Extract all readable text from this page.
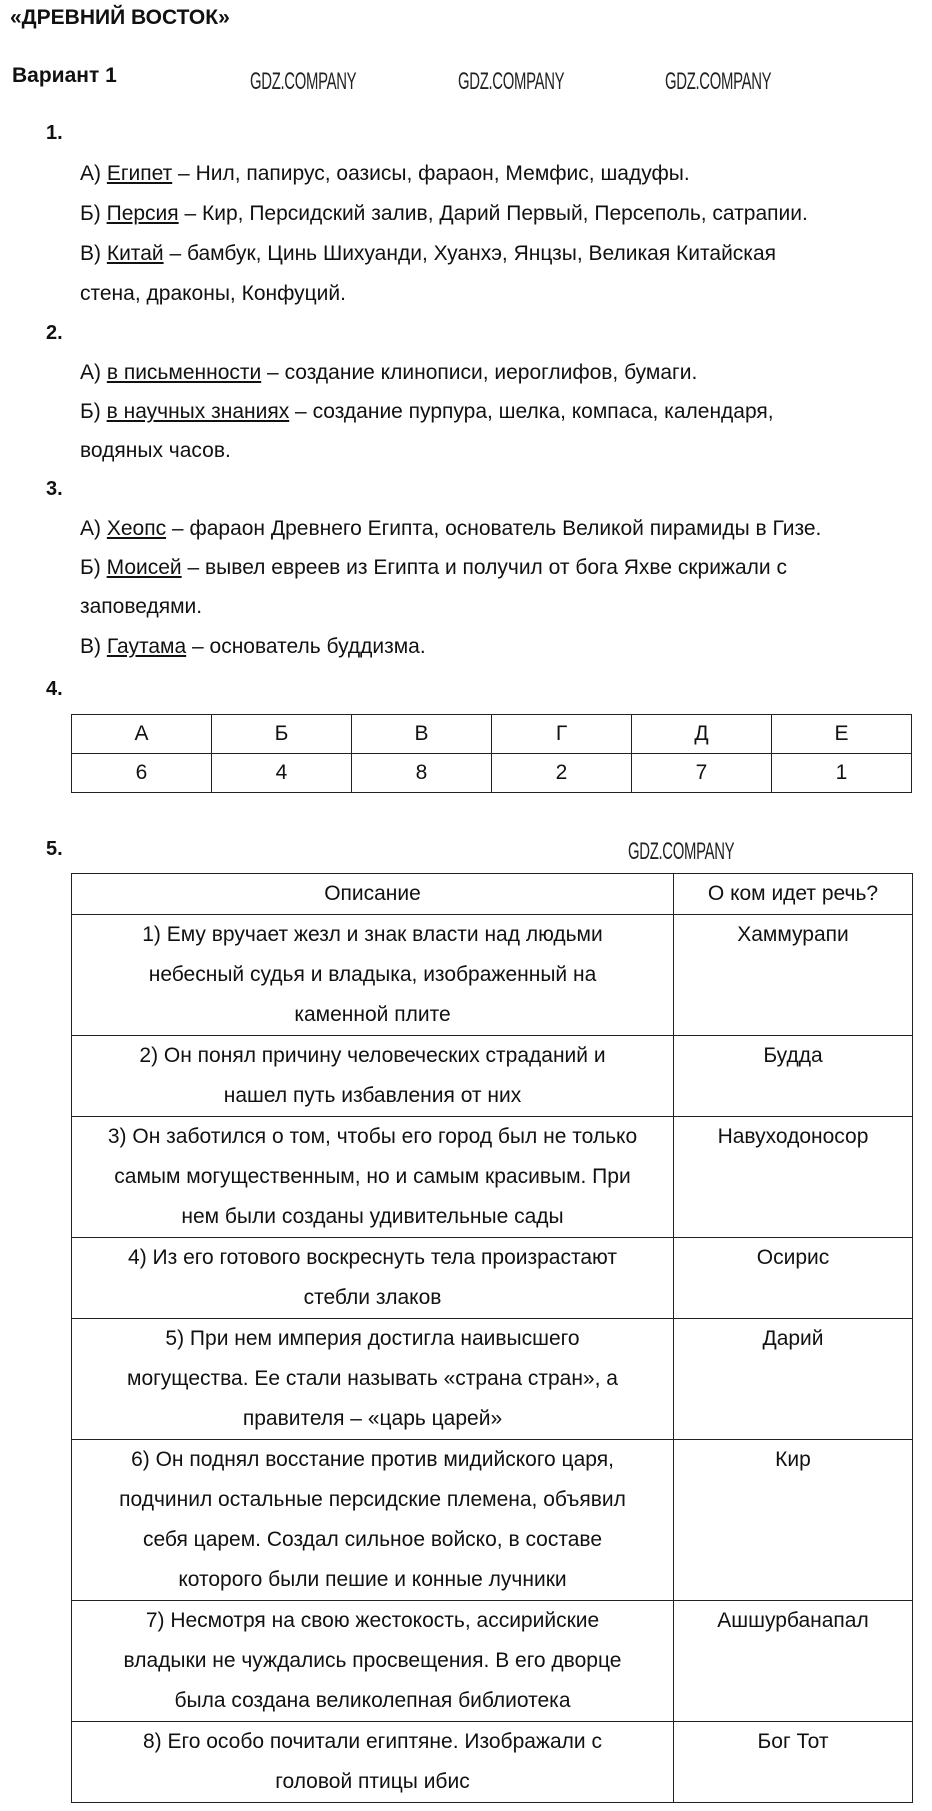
«ДРЕВНИЙ ВОСТОК»
Вариант 1
1.
А) Египет – Нил, папирус, оазисы, фараон, Мемфис, шадуфы.
Б) Персия – Кир, Персидский залив, Дарий Первый, Персеполь, сатрапии.
В) Китай – бамбук, Цинь Шихуанди, Хуанхэ, Янцзы, Великая Китайская
стена, драконы, Конфуций.
2.
А) в письменности – создание клинописи, иероглифов, бумаги.
Б) в научных знаниях – создание пурпура, шелка, компаса, календаря,
водяных часов.
3.
А) Хеопс – фараон Древнего Египта, основатель Великой пирамиды в Гизе.
Б) Моисей – вывел евреев из Египта и получил от бога Яхве скрижали с
заповедями.
В) Гаутама – основатель буддизма.
4.
А	Б	В	Г	Д	Е
6	4	8	2	7	1
5.
Описание	О ком идет речь?

1) Ему вручает жезл и знак власти над людьми
небесный судья и владыка, изображенный на
каменной плите	Хаммурапи

2) Он понял причину человеческих страданий и
нашел путь избавления от них	Будда

3) Он заботился о том, чтобы его город был не только
самым могущественным, но и самым красивым. При
нем были созданы удивительные сады	Навуходоносор

4) Из его готового воскреснуть тела произрастают
стебли злаков	Осирис

5) При нем империя достигла наивысшего
могущества. Ее стали называть «страна стран», а
правителя – «царь царей»	Дарий

6) Он поднял восстание против мидийского царя,
подчинил остальные персидские племена, объявил
себя царем. Создал сильное войско, в составе
которого были пешие и конные лучники	Кир

7) Несмотря на свою жестокость, ассирийские
владыки не чуждались просвещения. В его дворце
была создана великолепная библиотека	Ашшурбанапал

8) Его особо почитали египтяне. Изображали с
головой птицы ибис	Бог Тот
GDZ.COMPANY	GDZ.COMPANY	GDZ.COMPANY
GDZ.COMPANY
